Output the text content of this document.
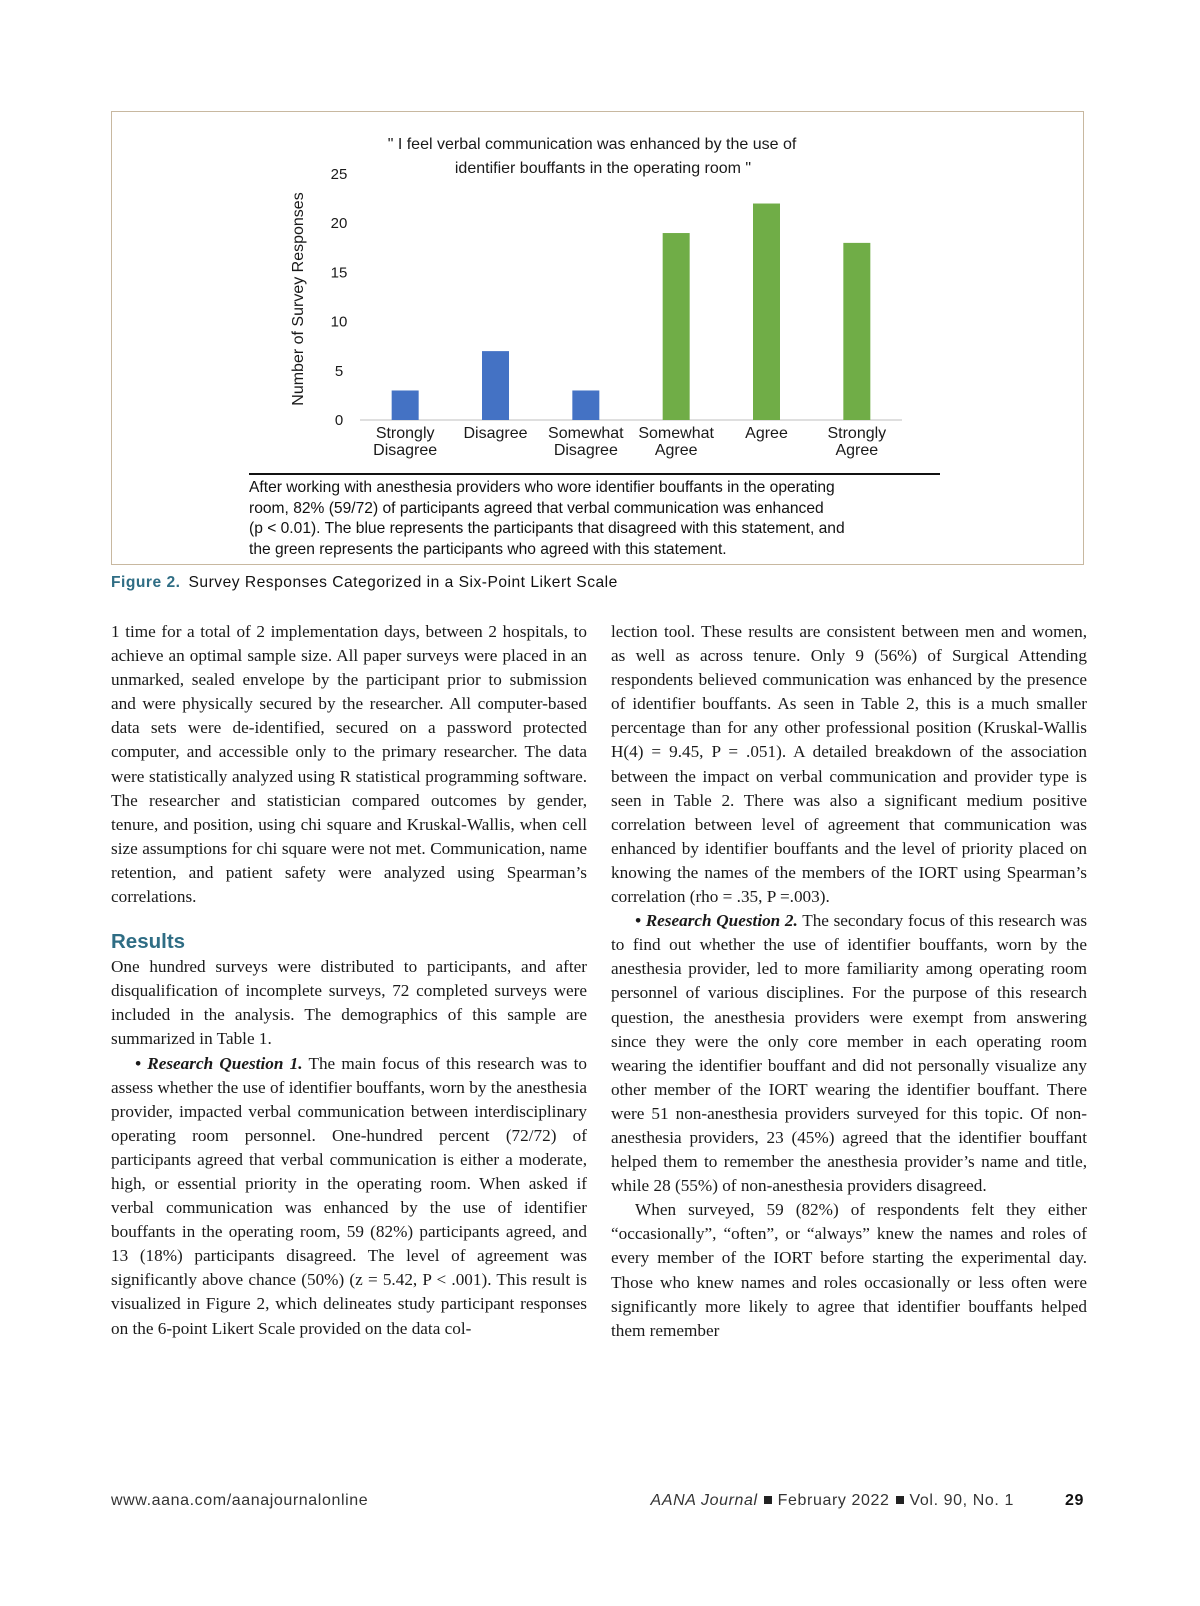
" I feel verbal communication was enhanced by the use of
identifier bouffants in the operating room "
Number of Survey Responses
0
5
10
15
20
25
Strongly
Disagree
Disagree Somewhat
Disagree
Somewhat
Agree
Agree Strongly
Agree
After working with anesthesia providers who wore identifier bouffants in the operating
room, 82% (59/72) of participants agreed that verbal communication was enhanced
(p < 0.01). The blue represents the participants that disagreed with this statement, and
the green represents the participants who agreed with this statement.
Figure 2. Survey Responses Categorized in a Six-Point Likert Scale

1 time for a total of 2 implementation days, between 2 hospitals, to achieve an optimal sample size. All paper surveys were placed in an unmarked, sealed envelope by the participant prior to submission and were physically secured by the researcher. All computer-based data sets were de-identified, secured on a password protected computer, and accessible only to the primary researcher. The data were statistically analyzed using R statistical programming software. The researcher and statistician compared outcomes by gender, tenure, and position, using chi square and Kruskal-Wallis, when cell size assumptions for chi square were not met. Communication, name retention, and patient safety were analyzed using Spearman’s correlations.

Results

One hundred surveys were distributed to participants, and after disqualification of incomplete surveys, 72 completed surveys were included in the analysis. The demographics of this sample are summarized in Table 1.

• Research Question 1. The main focus of this research was to assess whether the use of identifier bouffants, worn by the anesthesia provider, impacted verbal communication between interdisciplinary operating room personnel. One-hundred percent (72/72) of participants agreed that verbal communication is either a moderate, high, or essential priority in the operating room. When asked if verbal communication was enhanced by the use of identifier bouffants in the operating room, 59 (82%) participants agreed, and 13 (18%) participants disagreed. The level of agreement was significantly above chance (50%) (z = 5.42, P < .001). This result is visualized in Figure 2, which delineates study participant responses on the 6-point Likert Scale provided on the data col-

lection tool. These results are consistent between men and women, as well as across tenure. Only 9 (56%) of Surgical Attending respondents believed communication was enhanced by the presence of identifier bouffants. As seen in Table 2, this is a much smaller percentage than for any other professional position (Kruskal-Wallis H(4) = 9.45, P = .051). A detailed breakdown of the association between the impact on verbal communication and provider type is seen in Table 2. There was also a significant medium positive correlation between level of agreement that communication was enhanced by identifier bouffants and the level of priority placed on knowing the names of the members of the IORT using Spearman’s correlation (rho = .35, P =.003).

• Research Question 2. The secondary focus of this research was to find out whether the use of identifier bouffants, worn by the anesthesia provider, led to more familiarity among operating room personnel of various disciplines. For the purpose of this research question, the anesthesia providers were exempt from answering since they were the only core member in each operating room wearing the identifier bouffant and did not personally visualize any other member of the IORT wearing the identifier bouffant. There were 51 non-anesthesia providers surveyed for this topic. Of non-anesthesia providers, 23 (45%) agreed that the identifier bouffant helped them to remember the anesthesia provider’s name and title, while 28 (55%) of non-anesthesia providers disagreed.

When surveyed, 59 (82%) of respondents felt they either “occasionally”, “often”, or “always” knew the names and roles of every member of the IORT before starting the experimental day. Those who knew names and roles occasionally or less often were significantly more likely to agree that identifier bouffants helped them remember

www.aana.com/aanajournalonline	AANA Journal February 2022 Vol. 90, No. 1	29
